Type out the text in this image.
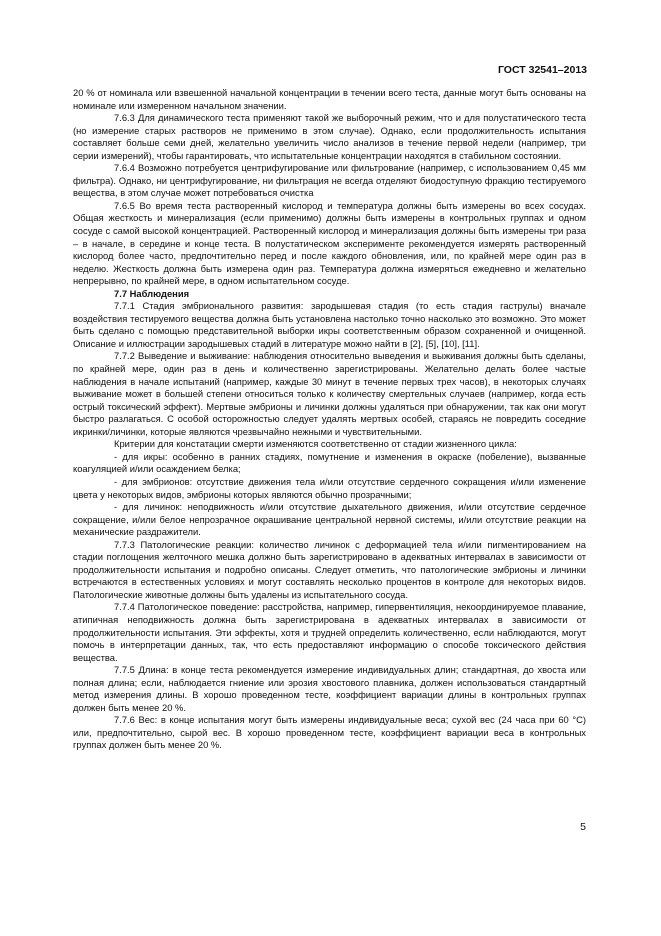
ГОСТ 32541–2013

20 % от номинала или взвешенной начальной концентрации в течении всего теста, данные могут быть основаны на номинале или измеренном начальном значении.

7.6.3 Для динамического теста применяют такой же выборочный режим, что и для полустатического теста (но измерение старых растворов не применимо в этом случае). Однако, если продолжительность испытания составляет больше семи дней, желательно увеличить число анализов в течение первой недели (например, три серии измерений), чтобы гарантировать, что испытательные концентрации находятся в стабильном состоянии.

7.6.4 Возможно потребуется центрифугирование или фильтрование (например, с использованием 0,45 мм фильтра). Однако, ни центрифугирование, ни фильтрация не всегда отделяют биодоступную фракцию тестируемого вещества, в этом случае может потребоваться очистка

7.6.5 Во время теста растворенный кислород и температура должны быть измерены во всех сосудах. Общая жесткость и минерализация (если применимо) должны быть измерены в контрольных группах и одном сосуде с самой высокой концентрацией. Растворенный кислород и минерализация должны быть измерены три раза – в начале, в середине и конце теста. В полустатическом эксперименте рекомендуется измерять растворенный кислород более часто, предпочтительно перед и после каждого обновления, или, по крайней мере один раз в неделю. Жесткость должна быть измерена один раз. Температура должна измеряться ежедневно и желательно непрерывно, по крайней мере, в одном испытательном сосуде.

7.7 Наблюдения

7.7.1 Стадия эмбрионального развития: зародышевая стадия (то есть стадия гаструлы) вначале воздействия тестируемого вещества должна быть установлена настолько точно насколько это возможно. Это может быть сделано с помощью представительной выборки икры соответственным образом сохраненной и очищенной. Описание и иллюстрации зародышевых стадий в литературе можно найти в [2], [5], [10], [11].

7.7.2 Выведение и выживание: наблюдения относительно выведения и выживания должны быть сделаны, по крайней мере, один раз в день и количественно зарегистрированы. Желательно делать более частые наблюдения в начале испытаний (например, каждые 30 минут в течение первых трех часов), в некоторых случаях выживание может в большей степени относиться только к количеству смертельных случаев (например, когда есть острый токсический эффект). Мертвые эмбрионы и личинки должны удаляться при обнаружении, так как они могут быстро разлагаться. С особой осторожностью следует удалять мертвых особей, стараясь не повредить соседние икринки/личинки, которые являются чрезвычайно нежными и чувствительными.

Критерии для констатации смерти изменяются соответственно от стадии жизненного цикла:

- для икры: особенно в ранних стадиях, помутнение и изменения в окраске (побеление), вызванные коагуляцией и/или осаждением белка;

- для эмбрионов: отсутствие движения тела и/или отсутствие сердечного сокращения и/или изменение цвета у некоторых видов, эмбрионы которых являются обычно прозрачными;

- для личинок: неподвижность и/или отсутствие дыхательного движения, и/или отсутствие сердечное сокращение, и/или белое непрозрачное окрашивание центральной нервной системы, и/или отсутствие реакции на механические раздражители.

7.7.3 Патологические реакции: количество личинок с деформацией тела и/или пигментированием на стадии поглощения желточного мешка должно быть зарегистрировано в адекватных интервалах в зависимости от продолжительности испытания и подробно описаны. Следует отметить, что патологические эмбрионы и личинки встречаются в естественных условиях и могут составлять несколько процентов в контроле для некоторых видов. Патологические животные должны быть удалены из испытательного сосуда.

7.7.4 Патологическое поведение: расстройства, например, гипервентиляция, некоординируемое плавание, атипичная неподвижность должна быть зарегистрирована в адекватных интервалах в зависимости от продолжительности испытания. Эти эффекты, хотя и трудней определить количественно, если наблюдаются, могут помочь в интерпретации данных, так, что есть предоставляют информацию о способе токсического действия вещества.

7.7.5 Длина: в конце теста рекомендуется измерение индивидуальных длин; стандартная, до хвоста или полная длина; если, наблюдается гниение или эрозия хвостового плавника, должен использоваться стандартный метод измерения длины. В хорошо проведенном тесте, коэффициент вариации длины в контрольных группах должен быть менее 20 %.

7.7.6 Вес: в конце испытания могут быть измерены индивидуальные веса; сухой вес (24 часа при 60 °С) или, предпочтительно, сырой вес. В хорошо проведенном тесте, коэффициент вариации веса в контрольных группах должен быть менее 20 %.

5
